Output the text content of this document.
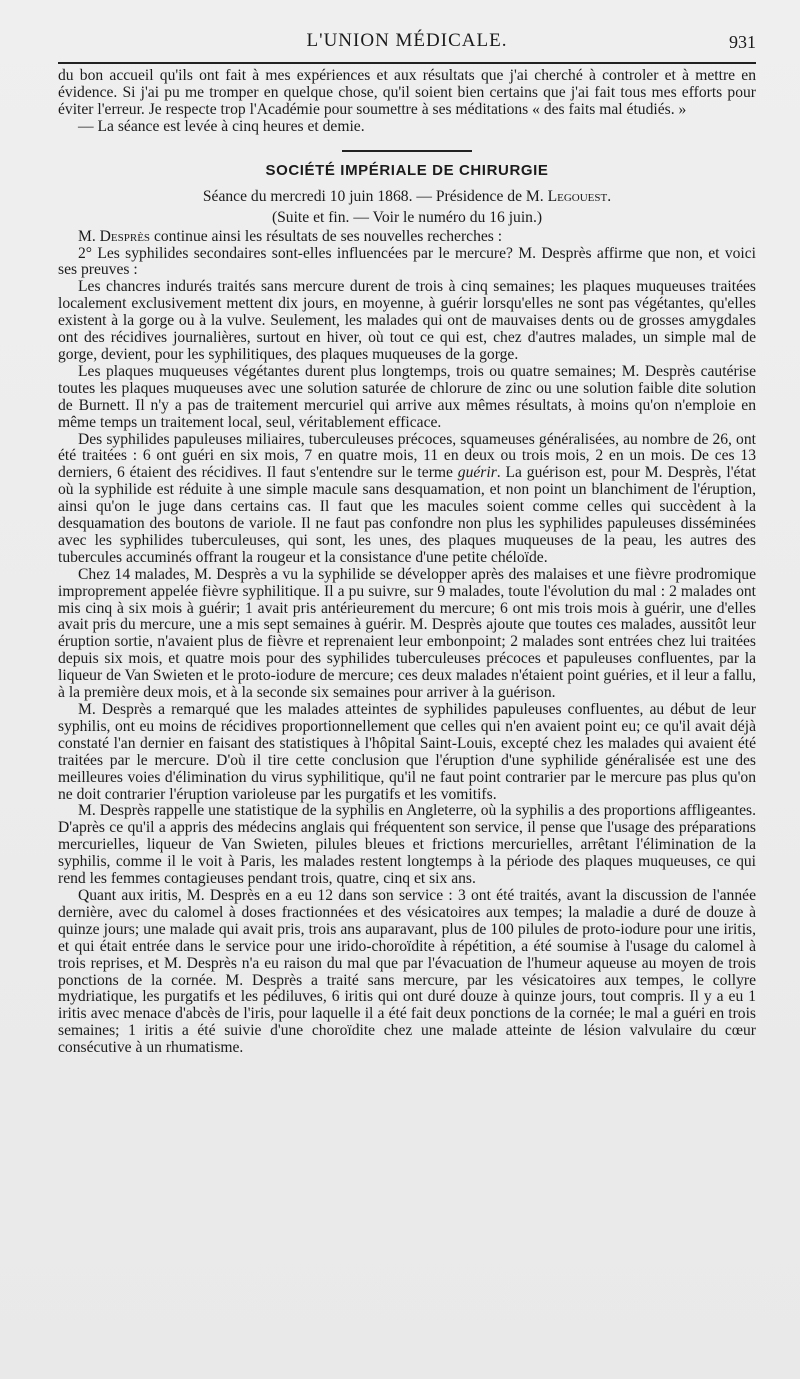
L'UNION MÉDICALE.	931

du bon accueil qu'ils ont fait à mes expériences et aux résultats que j'ai cherché à controler et à mettre en évidence. Si j'ai pu me tromper en quelque chose, qu'il soient bien certains que j'ai fait tous mes efforts pour éviter l'erreur. Je respecte trop l'Académie pour soumettre à ses méditations « des faits mal étudiés. »

— La séance est levée à cinq heures et demie.

SOCIÉTÉ IMPÉRIALE DE CHIRURGIE
Séance du mercredi 10 juin 1868. — Présidence de M. Legouest.
(Suite et fin. — Voir le numéro du 16 juin.)

M. Desprès continue ainsi les résultats de ses nouvelles recherches :

2° Les syphilides secondaires sont-elles influencées par le mercure? M. Desprès affirme que non, et voici ses preuves :

Les chancres indurés traités sans mercure durent de trois à cinq semaines; les plaques muqueuses traitées localement exclusivement mettent dix jours, en moyenne, à guérir lorsqu'elles ne sont pas végétantes, qu'elles existent à la gorge ou à la vulve. Seulement, les malades qui ont de mauvaises dents ou de grosses amygdales ont des récidives journalières, surtout en hiver, où tout ce qui est, chez d'autres malades, un simple mal de gorge, devient, pour les syphilitiques, des plaques muqueuses de la gorge.

Les plaques muqueuses végétantes durent plus longtemps, trois ou quatre semaines; M. Desprès cautérise toutes les plaques muqueuses avec une solution saturée de chlorure de zinc ou une solution faible dite solution de Burnett. Il n'y a pas de traitement mercuriel qui arrive aux mêmes résultats, à moins qu'on n'emploie en même temps un traitement local, seul, véritablement efficace.

Des syphilides papuleuses miliaires, tuberculeuses précoces, squameuses généralisées, au nombre de 26, ont été traitées : 6 ont guéri en six mois, 7 en quatre mois, 11 en deux ou trois mois, 2 en un mois. De ces 13 derniers, 6 étaient des récidives. Il faut s'entendre sur le terme guérir. La guérison est, pour M. Desprès, l'état où la syphilide est réduite à une simple macule sans desquamation, et non point un blanchiment de l'éruption, ainsi qu'on le juge dans certains cas. Il faut que les macules soient comme celles qui succèdent à la desquamation des boutons de variole. Il ne faut pas confondre non plus les syphilides papuleuses disséminées avec les syphilides tuberculeuses, qui sont, les unes, des plaques muqueuses de la peau, les autres des tubercules accuminés offrant la rougeur et la consistance d'une petite chéloïde.

Chez 14 malades, M. Desprès a vu la syphilide se développer après des malaises et une fièvre prodromique improprement appelée fièvre syphilitique. Il a pu suivre, sur 9 malades, toute l'évolution du mal : 2 malades ont mis cinq à six mois à guérir; 1 avait pris antérieurement du mercure; 6 ont mis trois mois à guérir, une d'elles avait pris du mercure, une a mis sept semaines à guérir. M. Desprès ajoute que toutes ces malades, aussitôt leur éruption sortie, n'avaient plus de fièvre et reprenaient leur embonpoint; 2 malades sont entrées chez lui traitées depuis six mois, et quatre mois pour des syphilides tuberculeuses précoces et papuleuses confluentes, par la liqueur de Van Swieten et le proto-iodure de mercure; ces deux malades n'étaient point guéries, et il leur a fallu, à la première deux mois, et à la seconde six semaines pour arriver à la guérison.

M. Desprès a remarqué que les malades atteintes de syphilides papuleuses confluentes, au début de leur syphilis, ont eu moins de récidives proportionnellement que celles qui n'en avaient point eu; ce qu'il avait déjà constaté l'an dernier en faisant des statistiques à l'hôpital Saint-Louis, excepté chez les malades qui avaient été traitées par le mercure. D'où il tire cette conclusion que l'éruption d'une syphilide généralisée est une des meilleures voies d'élimination du virus syphilitique, qu'il ne faut point contrarier par le mercure pas plus qu'on ne doit contrarier l'éruption varioleuse par les purgatifs et les vomitifs.

M. Desprès rappelle une statistique de la syphilis en Angleterre, où la syphilis a des proportions affligeantes. D'après ce qu'il a appris des médecins anglais qui fréquentent son service, il pense que l'usage des préparations mercurielles, liqueur de Van Swieten, pilules bleues et frictions mercurielles, arrêtant l'élimination de la syphilis, comme il le voit à Paris, les malades restent longtemps à la période des plaques muqueuses, ce qui rend les femmes contagieuses pendant trois, quatre, cinq et six ans.

Quant aux iritis, M. Desprès en a eu 12 dans son service : 3 ont été traités, avant la discussion de l'année dernière, avec du calomel à doses fractionnées et des vésicatoires aux tempes; la maladie a duré de douze à quinze jours; une malade qui avait pris, trois ans auparavant, plus de 100 pilules de proto-iodure pour une iritis, et qui était entrée dans le service pour une irido-choroïdite à répétition, a été soumise à l'usage du calomel à trois reprises, et M. Desprès n'a eu raison du mal que par l'évacuation de l'humeur aqueuse au moyen de trois ponctions de la cornée. M. Desprès a traité sans mercure, par les vésicatoires aux tempes, le collyre mydriatique, les purgatifs et les pédiluves, 6 iritis qui ont duré douze à quinze jours, tout compris. Il y a eu 1 iritis avec menace d'abcès de l'iris, pour laquelle il a été fait deux ponctions de la cornée; le mal a guéri en trois semaines; 1 iritis a été suivie d'une choroïdite chez une malade atteinte de lésion valvulaire du cœur consécutive à un rhumatisme.
